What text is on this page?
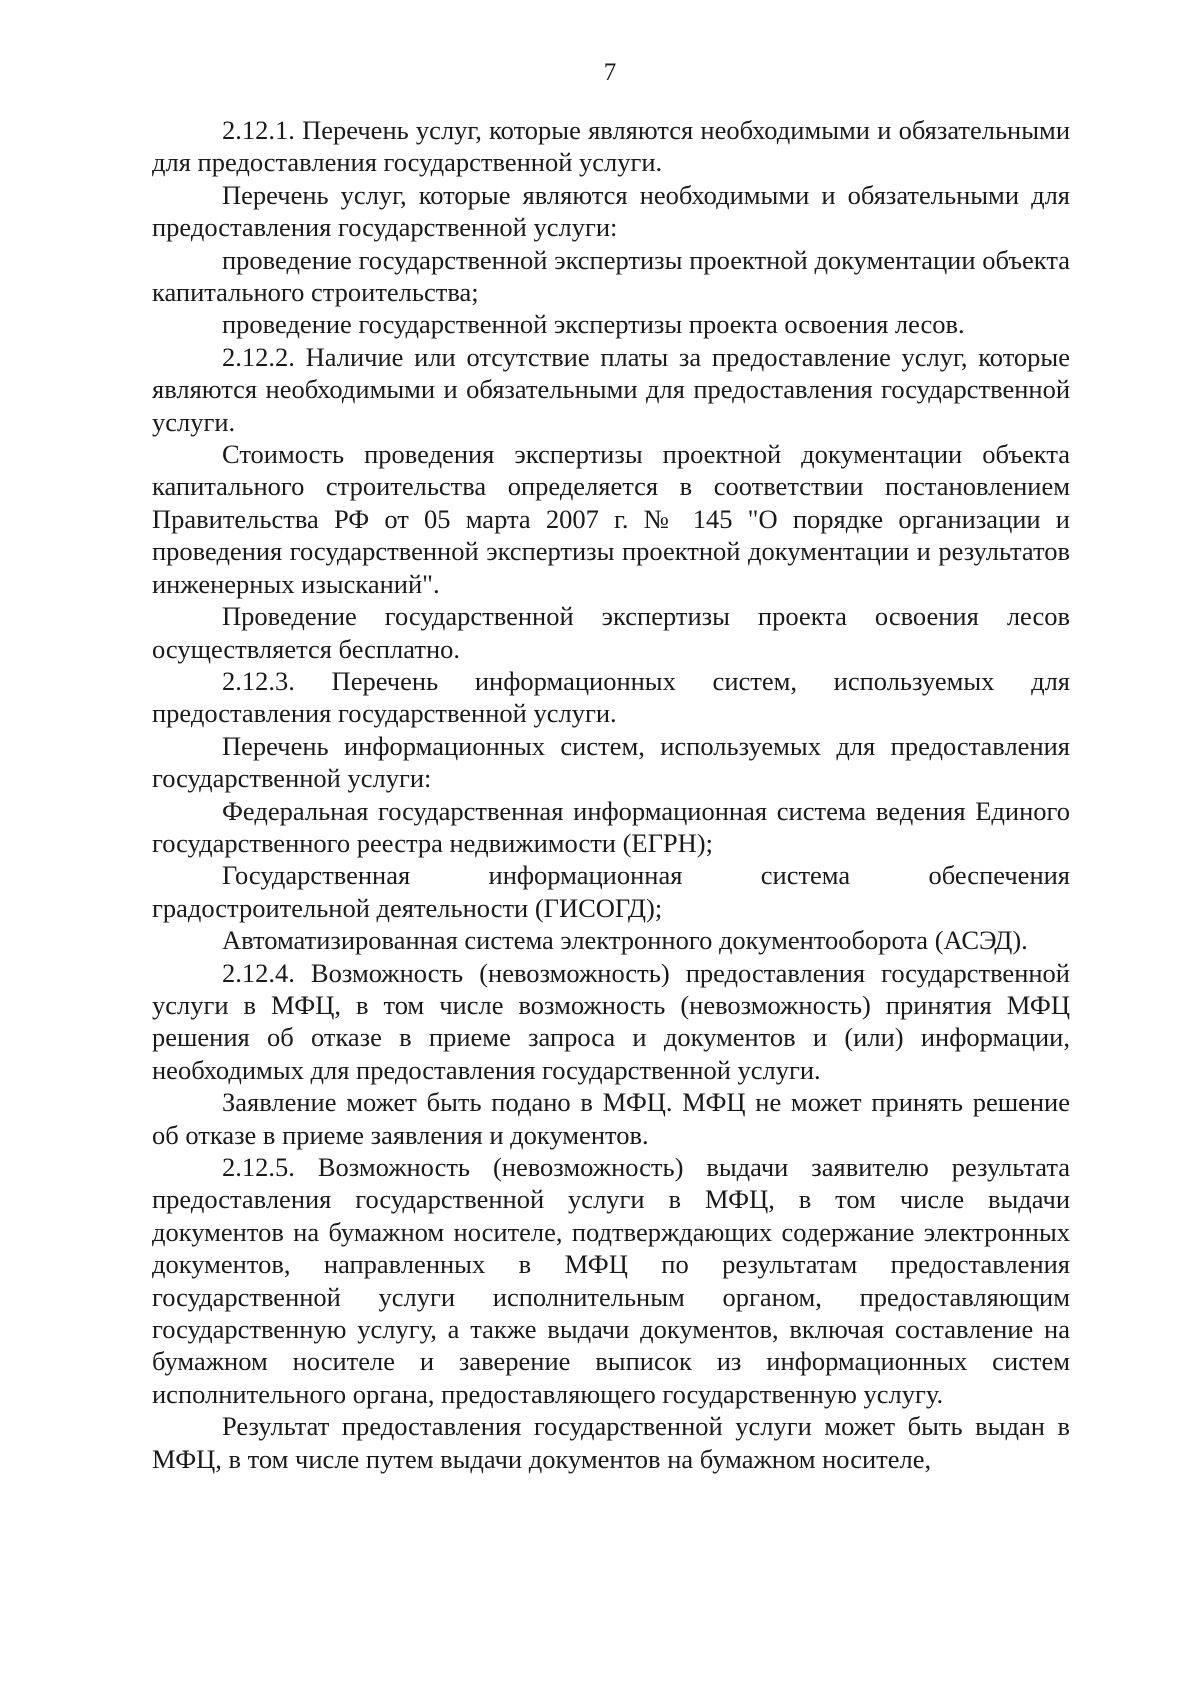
7

2.12.1. Перечень услуг, которые являются необходимыми и обязательными для предоставления государственной услуги.

Перечень услуг, которые являются необходимыми и обязательными для предоставления государственной услуги:

проведение государственной экспертизы проектной документации объекта капитального строительства;

проведение государственной экспертизы проекта освоения лесов.

2.12.2. Наличие или отсутствие платы за предоставление услуг, которые являются необходимыми и обязательными для предоставления государственной услуги.

Стоимость проведения экспертизы проектной документации объекта капитального строительства определяется в соответствии постановлением Правительства РФ от 05 марта 2007 г. № 145 "О порядке организации и проведения государственной экспертизы проектной документации и результатов инженерных изысканий".

Проведение государственной экспертизы проекта освоения лесов осуществляется бесплатно.

2.12.3. Перечень информационных систем, используемых для предоставления государственной услуги.

Перечень информационных систем, используемых для предоставления государственной услуги:

Федеральная государственная информационная система ведения Единого государственного реестра недвижимости (ЕГРН);

Государственная информационная система обеспечения градостроительной деятельности (ГИСОГД);

Автоматизированная система электронного документооборота (АСЭД).

2.12.4. Возможность (невозможность) предоставления государственной услуги в МФЦ, в том числе возможность (невозможность) принятия МФЦ решения об отказе в приеме запроса и документов и (или) информации, необходимых для предоставления государственной услуги.

Заявление может быть подано в МФЦ. МФЦ не может принять решение об отказе в приеме заявления и документов.

2.12.5. Возможность (невозможность) выдачи заявителю результата предоставления государственной услуги в МФЦ, в том числе выдачи документов на бумажном носителе, подтверждающих содержание электронных документов, направленных в МФЦ по результатам предоставления государственной услуги исполнительным органом, предоставляющим государственную услугу, а также выдачи документов, включая составление на бумажном носителе и заверение выписок из информационных систем исполнительного органа, предоставляющего государственную услугу.

Результат предоставления государственной услуги может быть выдан в МФЦ, в том числе путем выдачи документов на бумажном носителе,
